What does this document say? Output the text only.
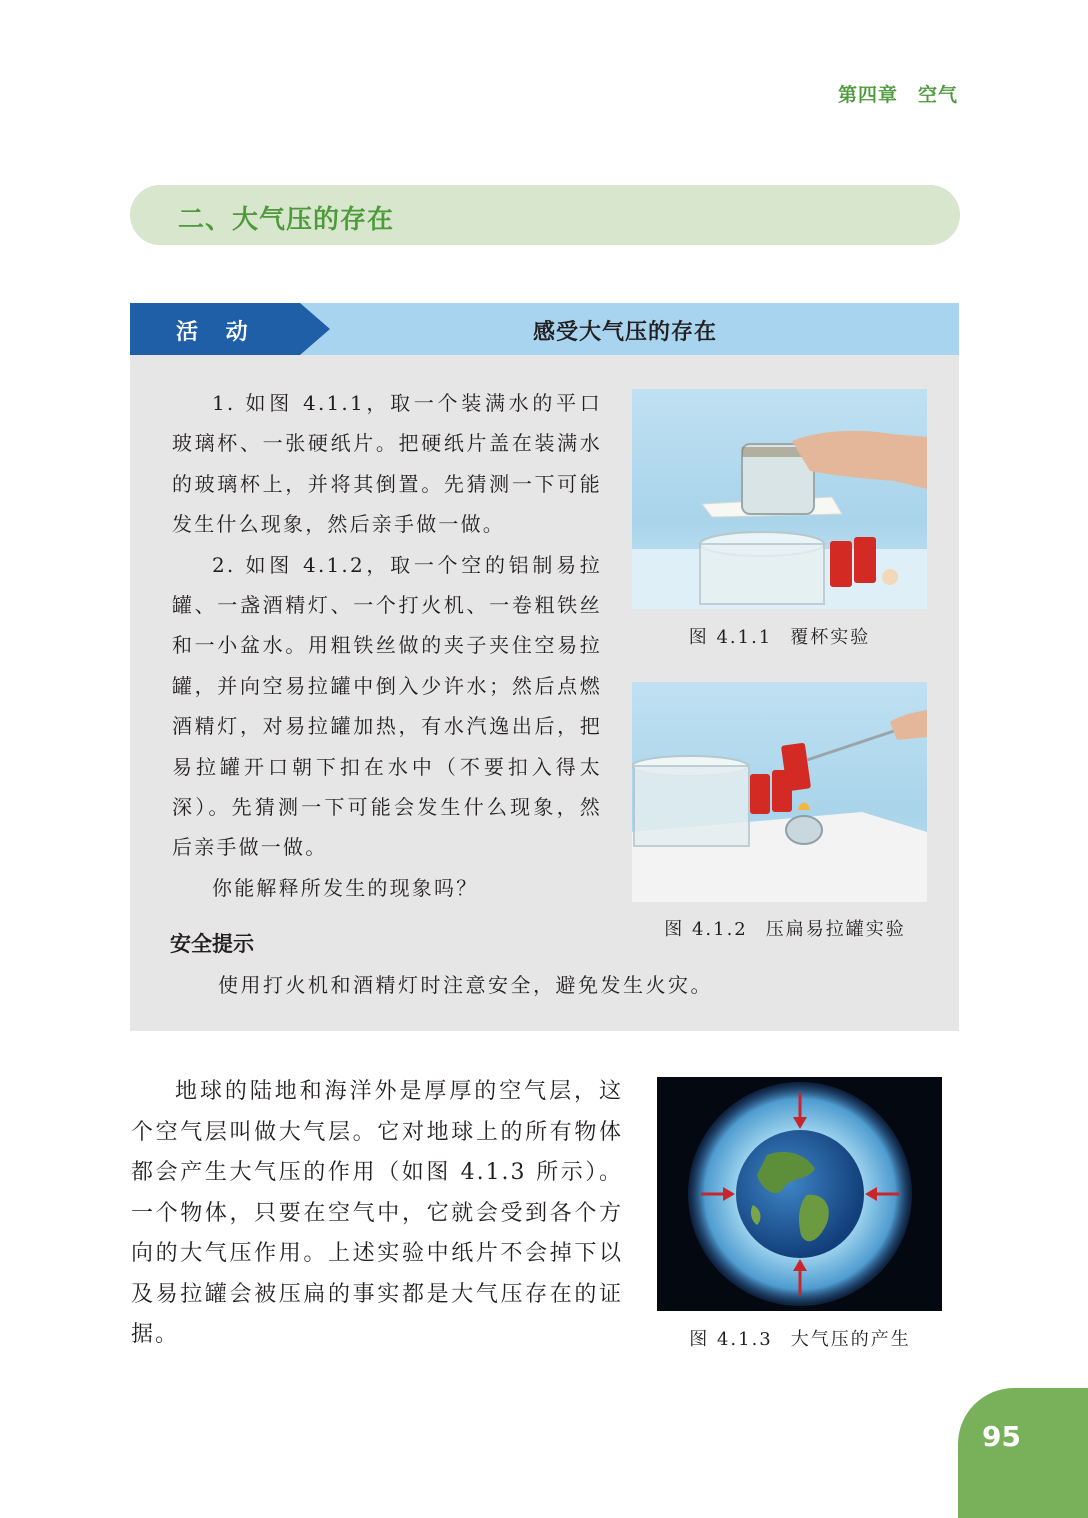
第四章　空气
二、大气压的存在
活 动	感受大气压的存在

1. 如图 4.1.1，取一个装满水的平口玻璃杯、一张硬纸片。把硬纸片盖在装满水的玻璃杯上，并将其倒置。先猜测一下可能发生什么现象，然后亲手做一做。

2. 如图 4.1.2，取一个空的铝制易拉罐、一盏酒精灯、一个打火机、一卷粗铁丝和一小盆水。用粗铁丝做的夹子夹住空易拉罐，并向空易拉罐中倒入少许水；然后点燃酒精灯，对易拉罐加热，有水汽逸出后，把易拉罐开口朝下扣在水中（不要扣入得太深）。先猜测一下可能会发生什么现象，然后亲手做一做。

你能解释所发生的现象吗？

安全提示
使用打火机和酒精灯时注意安全，避免发生火灾。
图 4.1.1 覆杯实验
图 4.1.2 压扁易拉罐实验

地球的陆地和海洋外是厚厚的空气层，这个空气层叫做大气层。它对地球上的所有物体都会产生大气压的作用（如图 4.1.3 所示）。一个物体，只要在空气中，它就会受到各个方向的大气压作用。上述实验中纸片不会掉下以及易拉罐会被压扁的事实都是大气压存在的证据。	图 4.1.3 大气压的产生
95
